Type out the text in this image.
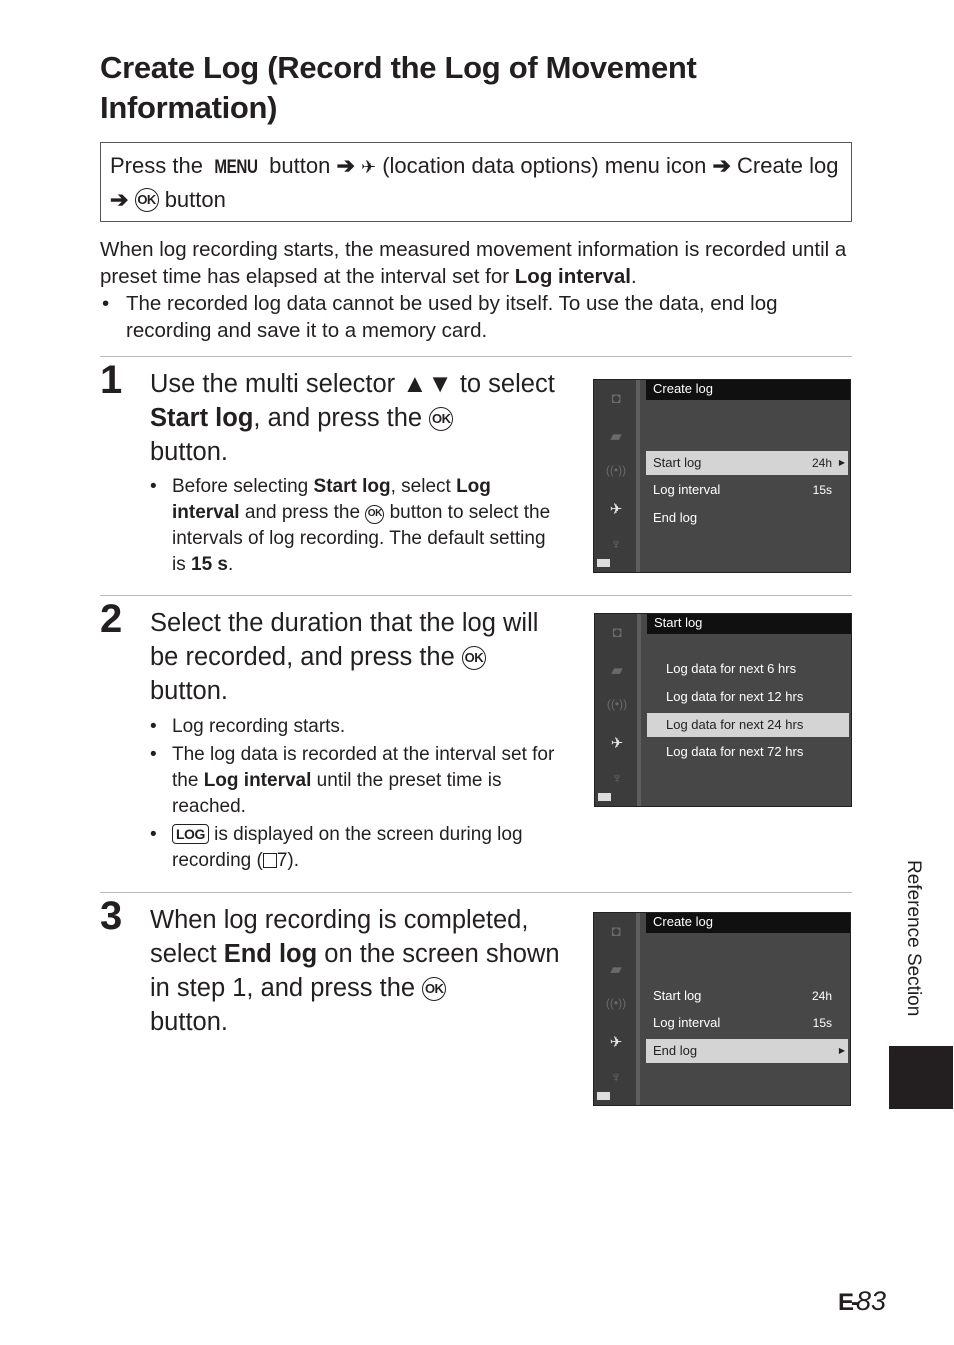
Create Log (Record the Log of Movement Information)
Press the MENU button ➔ ✈︎ (location data options) menu icon ➔ Create log ➔ OK button

When log recording starts, the measured movement information is recorded until a preset time has elapsed at the interval set for Log interval.

• The recorded log data cannot be used by itself. To use the data, end log recording and save it to a memory card.

1 Use the multi selector ▲▼ to select Start log, and press the OK
button.
• Before selecting Start log, select Log interval and press the OK button to select the intervals of log recording. The default setting is 15 s.
◘
▰
((•))
✈
♆
Create log
Start log	24h ▶
Log interval	15s
End log
2 Select the duration that the log will be recorded, and press the OK
button.
• Log recording starts.
• The log data is recorded at the interval set for the Log interval until the preset time is reached.
• LOG is displayed on the screen during log recording ( 7).
◘
▰
((•))
✈
♆
Start log
Log data for next 6 hrs
Log data for next 12 hrs
Log data for next 24 hrs
Log data for next 72 hrs
3 When log recording is completed, select End log on the screen shown in step 1, and press the OK
button.
◘
▰
((•))
✈
♆
Create log
Start log	24h
Log interval	15s
End log	▶
Reference Section
E-83
